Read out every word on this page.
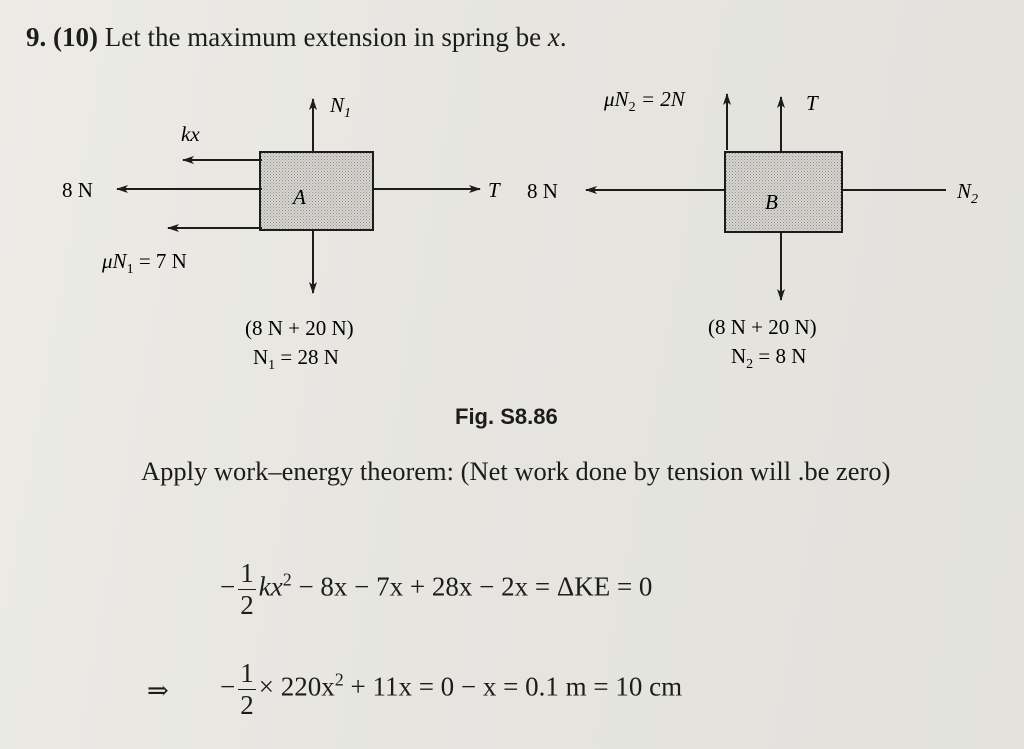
9. (10) Let the maximum extension in spring be x.
A
$N_1$
kx
8 N
$\mu N_1 = 7$ N
T
(8 N + 20 N)
$N_1 = 28$ N
B
$\mu N_2 = 2N$	T
8 N	$N_2$
(8 N + 20 N)
$N_2 = 8$ N
Fig. S8.86
Apply work–energy theorem: (Net work done by tension will .be zero)
− $\frac{1}{2} kx^2 - 8x - 7x + 28x - 2x = \Delta KE = 0$
⇒ − $\frac{1}{2} \times 220x^2 + 11x = 0 - x = 0.1$ m = 10 cm
